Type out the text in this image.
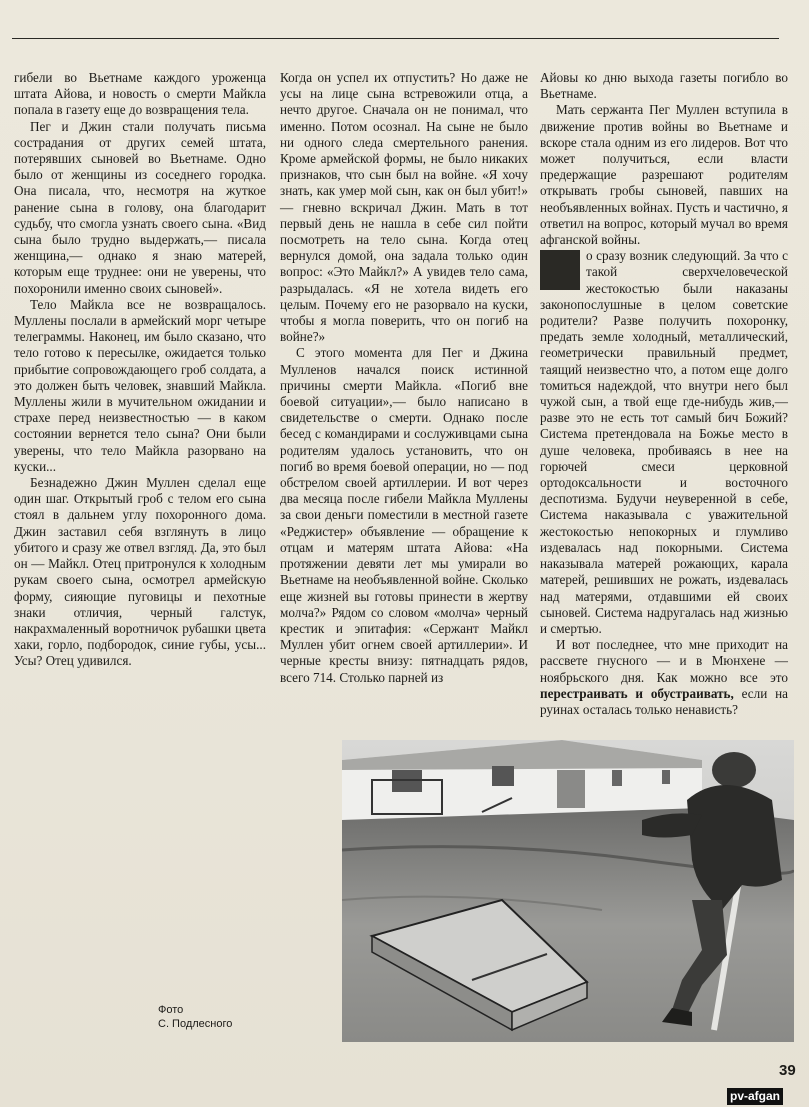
гибели во Вьетнаме каждого уроженца штата Айова, и новость о смерти Майкла попала в газету еще до возвращения тела.

Пег и Джин стали получать письма сострадания от других семей штата, потерявших сыновей во Вьетнаме. Одно было от женщины из соседнего городка. Она писала, что, несмотря на жуткое ранение сына в голову, она благодарит судьбу, что смогла узнать своего сына. «Вид сына было трудно выдержать,— писала женщина,— однако я знаю матерей, которым еще труднее: они не уверены, что похоронили именно своих сыновей».

Тело Майкла все не возвращалось. Муллены послали в армейский морг четыре телеграммы. Наконец, им было сказано, что тело готово к пересылке, ожидается только прибытие сопровождающего гроб солдата, а это должен быть человек, знавший Майкла. Муллены жили в мучительном ожидании и страхе перед неизвестностью — в каком состоянии вернется тело сына? Они были уверены, что тело Майкла разорвано на куски...

Безнадежно Джин Муллен сделал еще один шаг. Открытый гроб с телом его сына стоял в дальнем углу похоронного дома. Джин заставил себя взглянуть в лицо убитого и сразу же отвел взгляд. Да, это был он — Майкл. Отец притронулся к холодным рукам своего сына, осмотрел армейскую форму, сияющие пуговицы и пехотные знаки отличия, черный галстук, накрахмаленный воротничок рубашки цвета хаки, горло, подбородок, синие губы, усы... Усы? Отец удивился.

Когда он успел их отпустить? Но даже не усы на лице сына встревожили отца, а нечто другое. Сначала он не понимал, что именно. Потом осознал. На сыне не было ни одного следа смертельного ранения. Кроме армейской формы, не было никаких признаков, что сын был на войне. «Я хочу знать, как умер мой сын, как он был убит!» — гневно вскричал Джин. Мать в тот первый день не нашла в себе сил пойти посмотреть на тело сына. Когда отец вернулся домой, она задала только один вопрос: «Это Майкл?» А увидев тело сама, разрыдалась. «Я не хотела видеть его целым. Почему его не разорвало на куски, чтобы я могла поверить, что он погиб на войне?»

С этого момента для Пег и Джина Мулленов начался поиск истинной причины смерти Майкла. «Погиб вне боевой ситуации»,— было написано в свидетельстве о смерти. Однако после бесед с командирами и сослуживцами сына родителям удалось установить, что он погиб во время боевой операции, но — под обстрелом своей артиллерии. И вот через два месяца после гибели Майкла Муллены за свои деньги поместили в местной газете «Реджистер» объявление — обращение к отцам и матерям штата Айова: «На протяжении девяти лет мы умирали во Вьетнаме на необъявленной войне. Сколько еще жизней вы готовы принести в жертву молча?» Рядом со словом «молча» черный крестик и эпитафия: «Сержант Майкл Муллен убит огнем своей артиллерии». И черные кресты внизу: пятнадцать рядов, всего 714. Столько парней из

Айовы ко дню выхода газеты погибло во Вьетнаме.

Мать сержанта Пег Муллен вступила в движение против войны во Вьетнаме и вскоре стала одним из его лидеров. Вот что может получиться, если власти предержащие разрешают родителям открывать гробы сыновей, павших на необъявленных войнах. Пусть и частично, я ответил на вопрос, который мучал во время афганской войны.

о сразу возник следующий. За что с такой сверхчеловеческой жестокостью были наказаны законопослушные в целом советские родители? Разве получить похоронку, предать земле холодный, металлический, геометрически правильный предмет, таящий неизвестно что, а потом еще долго томиться надеждой, что внутри него был чужой сын, а твой еще где-нибудь жив,— разве это не есть тот самый бич Божий? Система претендовала на Божье место в душе человека, пробиваясь в нее на горючей смеси церковной ортодоксальности и восточного деспотизма. Будучи неуверенной в себе, Система наказывала с уважительной жестокостью непокорных и глумливо издевалась над покорными. Система наказывала матерей рожающих, карала матерей, решивших не рожать, издевалась над матерями, отдавшими ей своих сыновей. Система надругалась над жизнью и смертью.

И вот последнее, что мне приходит на рассвете гнусного — и в Мюнхене — ноябрьского дня. Как можно все это перестраивать и обустраивать, если на руинах осталась только ненависть?

Фото
С. Подлесного
39
pv-afgan
